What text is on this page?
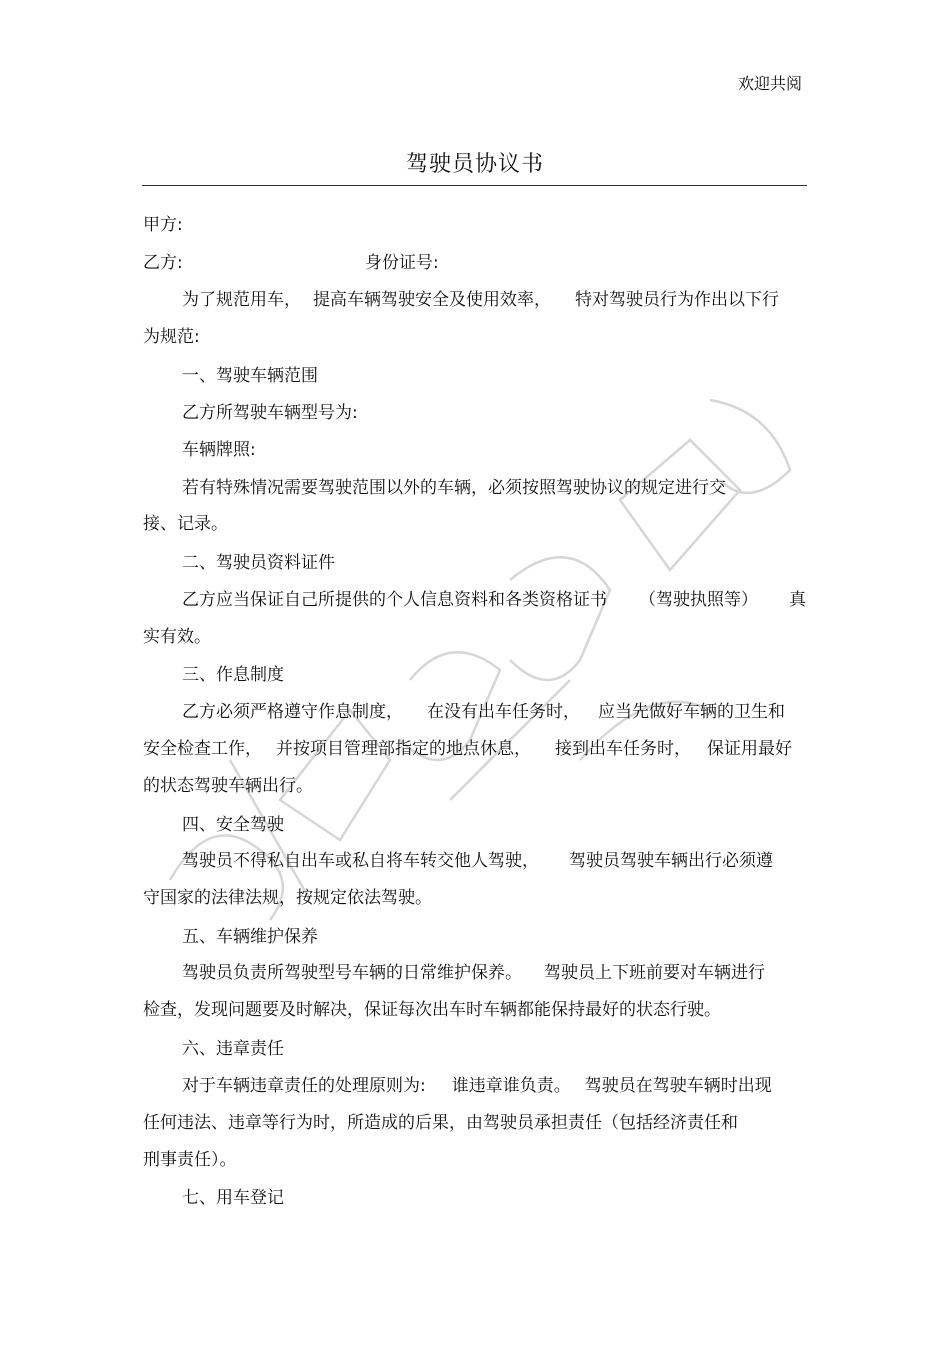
欢迎共阅
驾驶员协议书
甲方:
乙方:	身份证号:
为了规范用车， 提高车辆驾驶安全及使用效率， 特对驾驶员行为作出以下行
为规范:
一、驾驶车辆范围
乙方所驾驶车辆型号为:
车辆牌照:
若有特殊情况需要驾驶范围以外的车辆，必须按照驾驶协议的规定进行交
接、记录。
二、驾驶员资料证件
乙方应当保证自己所提供的个人信息资料和各类资格证书 （驾驶执照等） 真
实有效。
三、作息制度
乙方必须严格遵守作息制度， 在没有出车任务时， 应当先做好车辆的卫生和
安全检查工作， 并按项目管理部指定的地点休息， 接到出车任务时， 保证用最好
的状态驾驶车辆出行。
四、安全驾驶
驾驶员不得私自出车或私自将车转交他人驾驶， 驾驶员驾驶车辆出行必须遵
守国家的法律法规，按规定依法驾驶。
五、车辆维护保养
驾驶员负责所驾驶型号车辆的日常维护保养。 驾驶员上下班前要对车辆进行
检查，发现问题要及时解决，保证每次出车时车辆都能保持最好的状态行驶。
六、违章责任
对于车辆违章责任的处理原则为: 谁违章谁负责。 驾驶员在驾驶车辆时出现
任何违法、违章等行为时，所造成的后果，由驾驶员承担责任（包括经济责任和
刑事责任）。
七、用车登记
